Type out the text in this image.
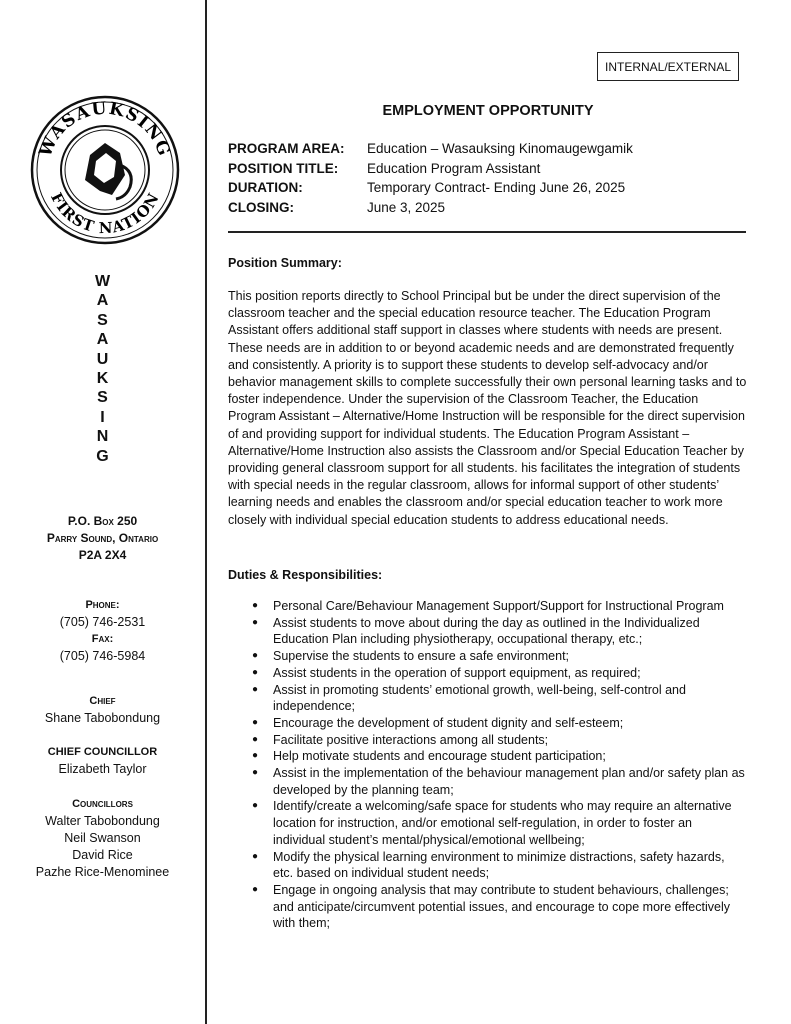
WASAUKSING
FIRST NATION
W
A
S
A
U
K
S
I
N
G
P.O. Box 250
Parry Sound, Ontario
P2A 2X4
Phone:
(705) 746-2531
Fax:
(705) 746-5984
Chief
Shane Tabobondung
CHIEF COUNCILLOR
Elizabeth Taylor
Councillors
Walter Tabobondung
Neil Swanson
David Rice
Pazhe Rice-Menominee
INTERNAL/EXTERNAL
EMPLOYMENT OPPORTUNITY
PROGRAM AREA:	Education – Wasauksing Kinomaugewgamik
POSITION TITLE:	Education Program Assistant
DURATION:	Temporary Contract- Ending June 26, 2025
CLOSING:	June 3, 2025
Position Summary:
This position reports directly to School Principal but be under the direct supervision of the classroom teacher and the special education resource teacher. The Education Program Assistant offers additional staff support in classes where students with needs are present. These needs are in addition to or beyond academic needs and are demonstrated frequently and consistently. A priority is to support these students to develop self-advocacy and/or behavior management skills to complete successfully their own personal learning tasks and to foster independence. Under the supervision of the Classroom Teacher, the Education Program Assistant – Alternative/Home Instruction will be responsible for the direct supervision of and providing support for individual students. The Education Program Assistant – Alternative/Home Instruction also assists the Classroom and/or Special Education Teacher by providing general classroom support for all students. his facilitates the integration of students with special needs in the regular classroom, allows for informal support of other students’ learning needs and enables the classroom and/or special education teacher to work more closely with individual special education students to address educational needs.
Duties & Responsibilities:
● Personal Care/Behaviour Management Support/Support for Instructional Program
● Assist students to move about during the day as outlined in the Individualized Education Plan including physiotherapy, occupational therapy, etc.;
● Supervise the students to ensure a safe environment;
● Assist students in the operation of support equipment, as required;
● Assist in promoting students’ emotional growth, well-being, self-control and independence;
● Encourage the development of student dignity and self-esteem;
● Facilitate positive interactions among all students;
● Help motivate students and encourage student participation;
● Assist in the implementation of the behaviour management plan and/or safety plan as developed by the planning team;
● Identify/create a welcoming/safe space for students who may require an alternative location for instruction, and/or emotional self-regulation, in order to foster an individual student’s mental/physical/emotional wellbeing;
● Modify the physical learning environment to minimize distractions, safety hazards, etc. based on individual student needs;
● Engage in ongoing analysis that may contribute to student behaviours, challenges; and anticipate/circumvent potential issues, and encourage to cope more effectively with them;
